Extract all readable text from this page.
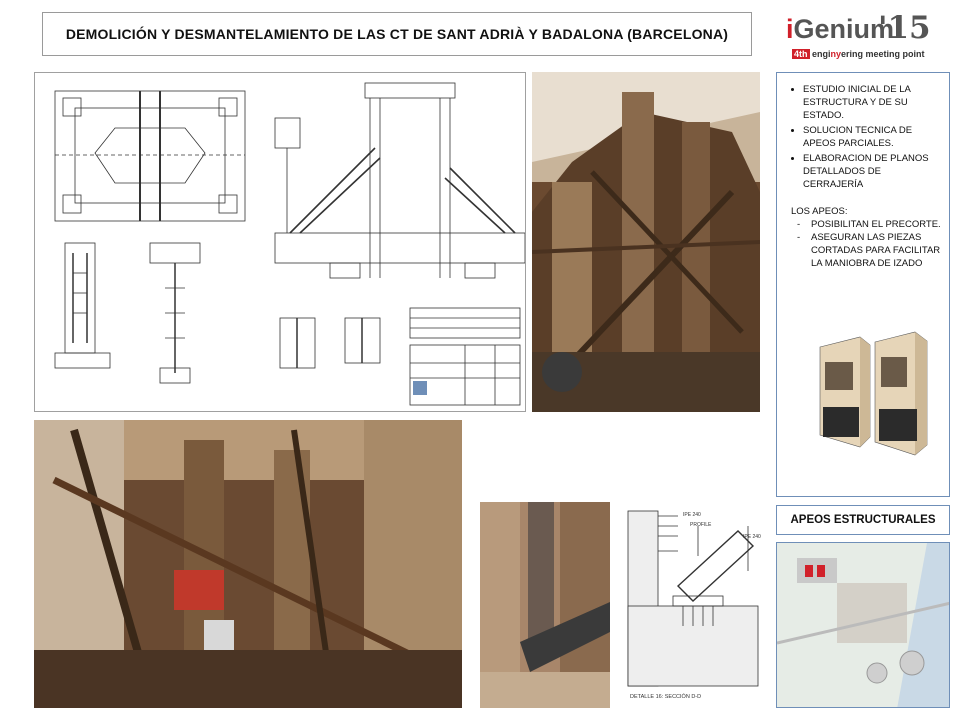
DEMOLICIÓN Y DESMANTELAMIENTO DE LAS CT DE SANT ADRIÀ Y BADALONA (BARCELONA) iGenium
'15
4th enginyering meeting point
• ESTUDIO INICIAL DE LA ESTRUCTURA Y DE SU ESTADO.
• SOLUCION TECNICA DE APEOS PARCIALES.
• ELABORACION DE PLANOS DETALLADOS DE CERRAJERÍA
LOS APEOS:
- POSIBILITAN EL PRECORTE.
- ASEGURAN LAS PIEZAS CORTADAS PARA FACILITAR LA MANIOBRA DE IZADO
IPE 240
PROFILE
IPE 240
DETALLE 16: SECCIÓN D-D
APEOS ESTRUCTURALES
